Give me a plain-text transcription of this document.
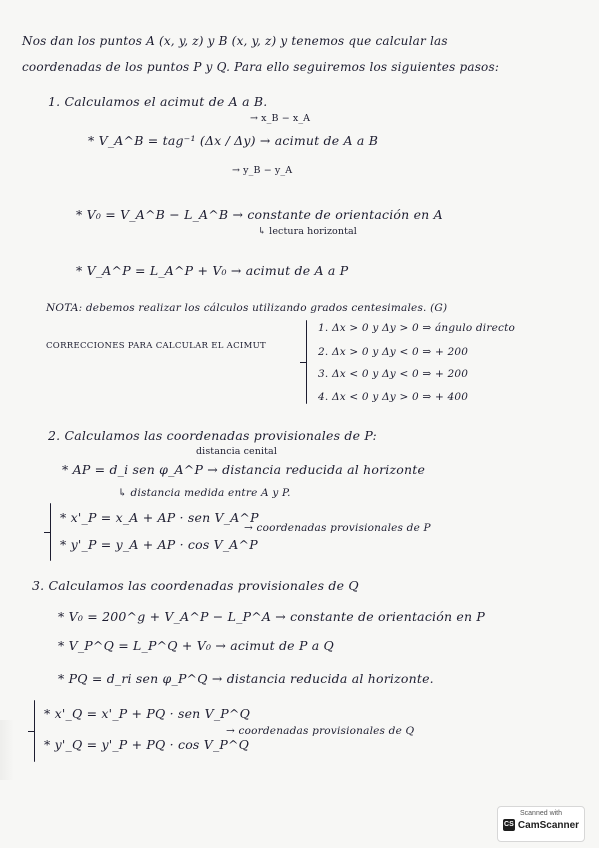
Nos dan los puntos A (x, y, z) y B (x, y, z) y tenemos que calcular las
coordenadas de los puntos P y Q. Para ello seguiremos los siguientes pasos:
1. Calculamos el acimut de A a B.
→ x_B − x_A
* V_A^B = tag⁻¹ (Δx / Δy) → acimut de A a B
→ y_B − y_A
* V₀ = V_A^B − L_A^B → constante de orientación en A
↳ lectura horizontal
* V_A^P = L_A^P + V₀ → acimut de A a P
NOTA: debemos realizar los cálculos utilizando grados centesimales. (G)
CORRECCIONES PARA CALCULAR EL ACIMUT
1. Δx > 0 y Δy > 0 ⇒ ángulo directo
2. Δx > 0 y Δy < 0 ⇒ + 200
3. Δx < 0 y Δy < 0 ⇒ + 200
4. Δx < 0 y Δy > 0 ⇒ + 400
2. Calculamos las coordenadas provisionales de P:
distancia cenital
* AP = d_i sen φ_A^P → distancia reducida al horizonte
↳ distancia medida entre A y P.
* x'_P = x_A + AP · sen V_A^P
* y'_P = y_A + AP · cos V_A^P
→ coordenadas provisionales de P
3. Calculamos las coordenadas provisionales de Q
* V₀ = 200^g + V_A^P − L_P^A → constante de orientación en P
* V_P^Q = L_P^Q + V₀ → acimut de P a Q
* PQ = d_ri sen φ_P^Q → distancia reducida al horizonte.
* x'_Q = x'_P + PQ · sen V_P^Q
* y'_Q = y'_P + PQ · cos V_P^Q
→ coordenadas provisionales de Q
Scanned with
CS CamScanner
